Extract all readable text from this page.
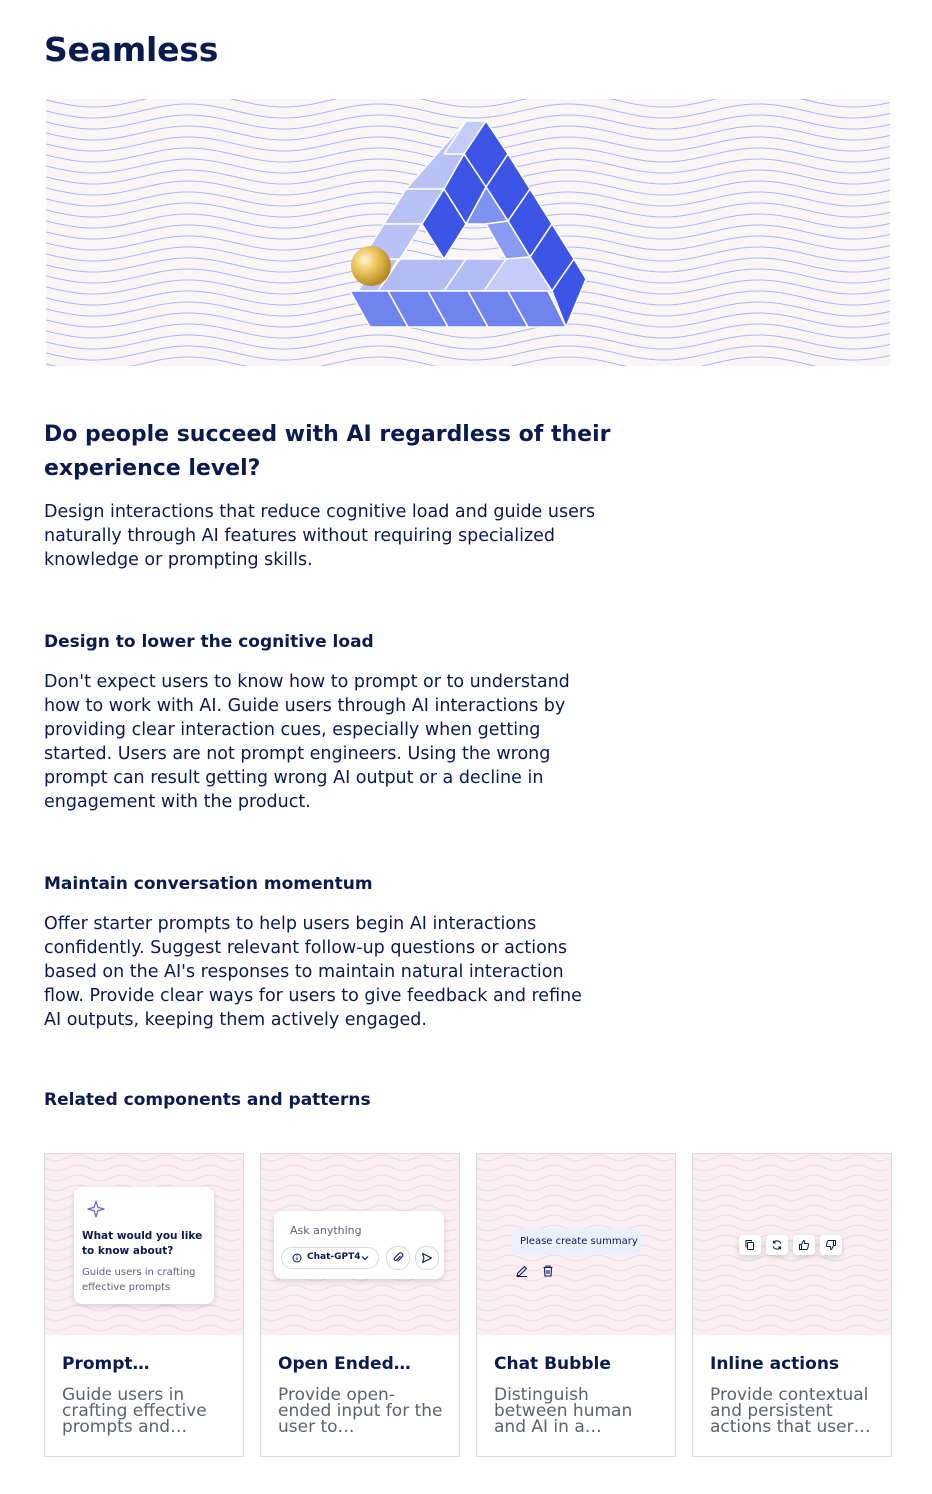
Seamless
Do people succeed with AI regardless of their experience level?

Design interactions that reduce cognitive load and guide users naturally through AI features without requiring specialized knowledge or prompting skills.

Design to lower the cognitive load

Don't expect users to know how to prompt or to understand how to work with AI. Guide users through AI interactions by providing clear interaction cues, especially when getting started. Users are not prompt engineers. Using the wrong prompt can result getting wrong AI output or a decline in engagement with the product.

Maintain conversation momentum

Offer starter prompts to help users begin AI interactions confidently. Suggest relevant follow-up questions or actions based on the AI's responses to maintain natural interaction flow. Provide clear ways for users to give feedback and refine AI outputs, keeping them actively engaged.

Related components and patterns
What would you like to know about?
Guide users in crafting effective prompts
Prompt…
Guide users in crafting effective prompts and…
Ask anything
Chat-GPT4
Open Ended…
Provide open-ended input for the user to…
Please create summary
Chat Bubble
Distinguish between human and AI in a…
Inline actions
Provide contextual and persistent actions that user…
